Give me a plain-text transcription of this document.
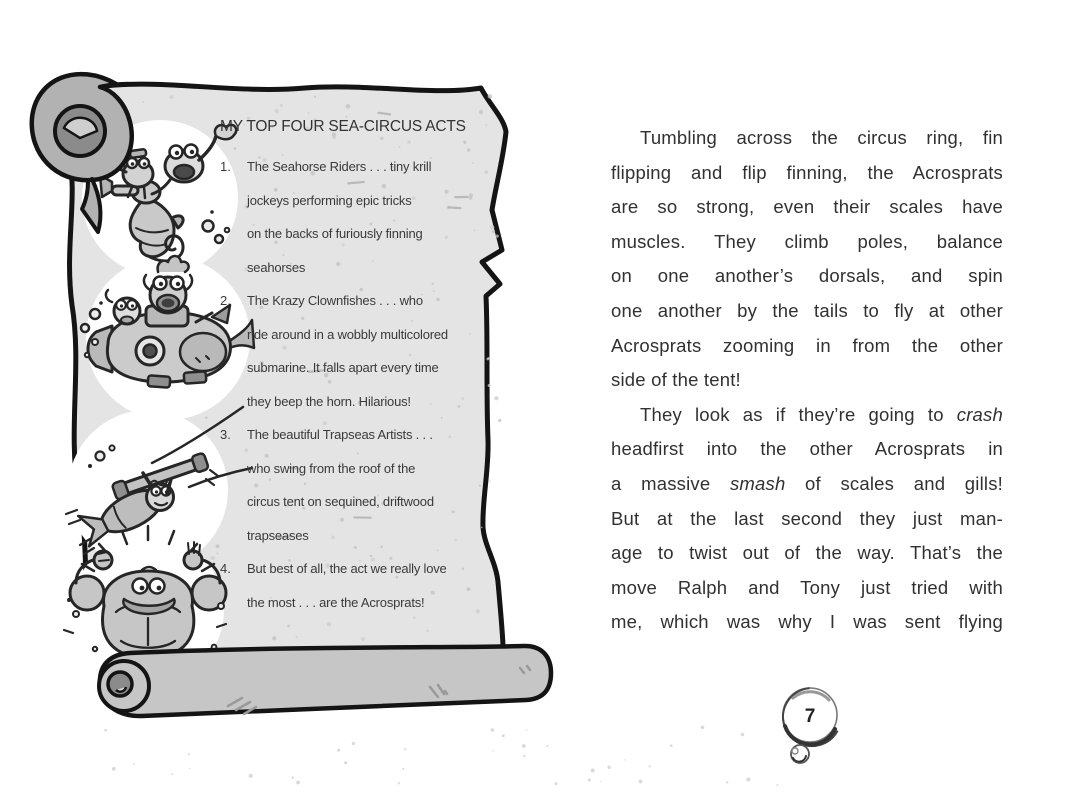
7
MY TOP FOUR SEA-CIRCUS ACTS
1.	The Seahorse Riders . . . tiny krill
jockeys performing epic tricks
on the backs of furiously finning
seahorses
2.	The Krazy Clownfishes . . . who
ride around in a wobbly multicolored
submarine. It falls apart every time
they beep the horn. Hilarious!
3.	The beautiful Trapseas Artists . . .
who swing from the roof of the
circus tent on sequined, driftwood
trapseases
4.	But best of all, the act we really love
the most . . . are the Acrosprats!
Tumbling across the circus ring, fin
flipping and flip finning, the Acrosprats
are so strong, even their scales have
muscles. They climb poles, balance
on one another’s dorsals, and spin
one another by the tails to fly at other
Acrosprats zooming in from the other
side of the tent!
They look as if they’re going to crash
headfirst into the other Acrosprats in
a massive smash of scales and gills!
But at the last second they just man-
age to twist out of the way. That’s the
move Ralph and Tony just tried with
me, which was why I was sent flying
